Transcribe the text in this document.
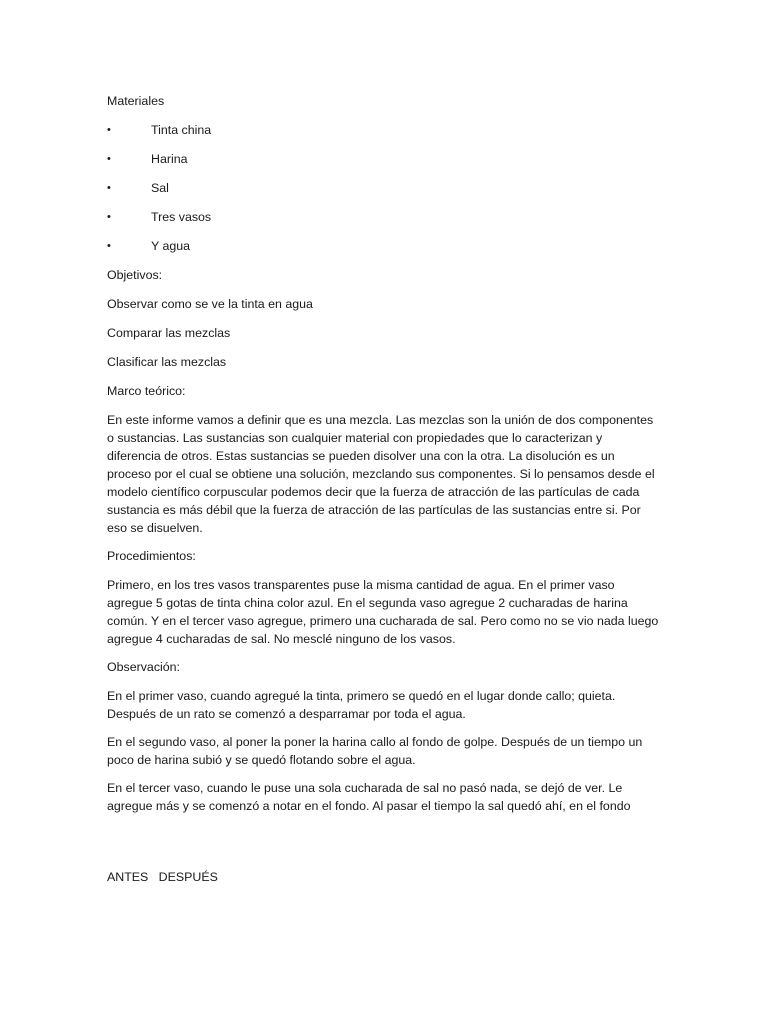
Materiales
•	Tinta china
•	Harina
•	Sal
•	Tres vasos
•	Y agua
Objetivos:
Observar como se ve la tinta en agua
Comparar las mezclas
Clasificar las mezclas
Marco teórico:
En este informe vamos a definir que es una mezcla. Las mezclas son la unión de dos componentes
o sustancias. Las sustancias son cualquier material con propiedades que lo caracterizan y
diferencia de otros. Estas sustancias se pueden disolver una con la otra. La disolución es un
proceso por el cual se obtiene una solución, mezclando sus componentes. Si lo pensamos desde el
modelo científico corpuscular podemos decir que la fuerza de atracción de las partículas de cada
sustancia es más débil que la fuerza de atracción de las partículas de las sustancias entre si. Por
eso se disuelven.
Procedimientos:
Primero, en los tres vasos transparentes puse la misma cantidad de agua. En el primer vaso
agregue 5 gotas de tinta china color azul. En el segunda vaso agregue 2 cucharadas de harina
común. Y en el tercer vaso agregue, primero una cucharada de sal. Pero como no se vio nada luego
agregue 4 cucharadas de sal. No mesclé ninguno de los vasos.
Observación:
En el primer vaso, cuando agregué la tinta, primero se quedó en el lugar donde callo; quieta.
Después de un rato se comenzó a desparramar por toda el agua.
En el segundo vaso, al poner la poner la harina callo al fondo de golpe. Después de un tiempo un
poco de harina subió y se quedó flotando sobre el agua.
En el tercer vaso, cuando le puse una sola cucharada de sal no pasó nada, se dejó de ver. Le
agregue más y se comenzó a notar en el fondo. Al pasar el tiempo la sal quedó ahí, en el fondo
ANTES   DESPUÉS
